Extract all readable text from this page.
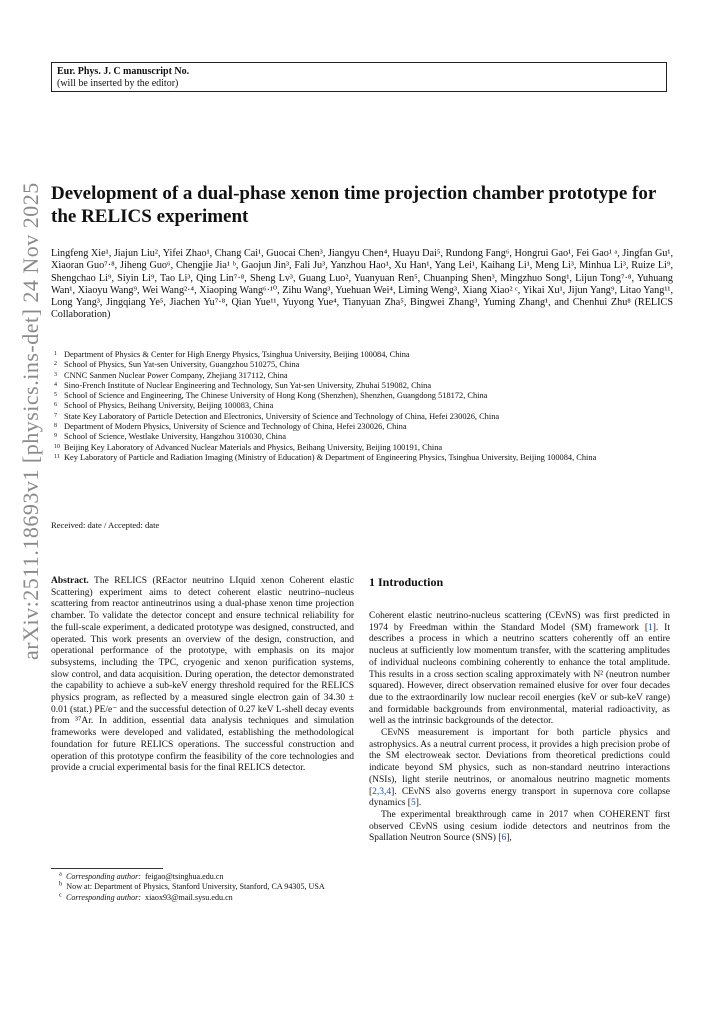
Eur. Phys. J. C manuscript No.
(will be inserted by the editor)
arXiv:2511.18693v1 [physics.ins-det] 24 Nov 2025 Development of a dual-phase xenon time projection chamber prototype for the RELICS experiment
Lingfeng Xie¹, Jiajun Liu², Yifei Zhao¹, Chang Cai¹, Guocai Chen³, Jiangyu Chen⁴, Huayu Dai⁵, Rundong Fang⁶, Hongrui Gao¹, Fei Gao¹ ᵃ, Jingfan Gu¹, Xiaoran Guo⁷·⁸, Jiheng Guo⁶, Chengjie Jia¹ ᵇ, Gaojun Jin³, Fali Ju³, Yanzhou Hao¹, Xu Han¹, Yang Lei¹, Kaihang Li¹, Meng Li³, Minhua Li³, Ruize Li⁹, Shengchao Li⁹, Siyin Li⁹, Tao Li³, Qing Lin⁷·⁸, Sheng Lv³, Guang Luo², Yuanyuan Ren⁵, Chuanping Shen³, Mingzhuo Song¹, Lijun Tong⁷·⁸, Yuhuang Wan¹, Xiaoyu Wang⁹, Wei Wang²·⁴, Xiaoping Wang⁶·¹⁰, Zihu Wang³, Yuehuan Wei⁴, Liming Weng³, Xiang Xiao² ᶜ, Yikai Xu¹, Jijun Yang⁹, Litao Yang¹¹, Long Yang³, Jingqiang Ye⁵, Jiachen Yu⁷·⁸, Qian Yue¹¹, Yuyong Yue⁴, Tianyuan Zha⁵, Bingwei Zhang³, Yuming Zhang¹, and Chenhui Zhu⁸ (RELICS Collaboration)
1 Department of Physics & Center for High Energy Physics, Tsinghua University, Beijing 100084, China
2 School of Physics, Sun Yat-sen University, Guangzhou 510275, China
3 CNNC Sanmen Nuclear Power Company, Zhejiang 317112, China
4 Sino-French Institute of Nuclear Engineering and Technology, Sun Yat-sen University, Zhuhai 519082, China
5 School of Science and Engineering, The Chinese University of Hong Kong (Shenzhen), Shenzhen, Guangdong 518172, China
6 School of Physics, Beihang University, Beijing 100083, China
7 State Key Laboratory of Particle Detection and Electronics, University of Science and Technology of China, Hefei 230026, China
8 Department of Modern Physics, University of Science and Technology of China, Hefei 230026, China
9 School of Science, Westlake University, Hangzhou 310030, China
10 Beijing Key Laboratory of Advanced Nuclear Materials and Physics, Beihang University, Beijing 100191, China
11 Key Laboratory of Particle and Radiation Imaging (Ministry of Education) & Department of Engineering Physics, Tsinghua University, Beijing 100084, China
Received: date / Accepted: date
Abstract. The RELICS (REactor neutrino LIquid xenon Coherent elastic Scattering) experiment aims to detect coherent elastic neutrino–nucleus scattering from reactor antineutrinos using a dual-phase xenon time projection chamber. To validate the detector concept and ensure technical reliability for the full-scale experiment, a dedicated prototype was designed, constructed, and operated. This work presents an overview of the design, construction, and operational performance of the prototype, with emphasis on its major subsystems, including the TPC, cryogenic and xenon purification systems, slow control, and data acquisition. During operation, the detector demonstrated the capability to achieve a sub-keV energy threshold required for the RELICS physics program, as reflected by a measured single electron gain of 34.30 ± 0.01 (stat.) PE/e⁻ and the successful detection of 0.27 keV L-shell decay events from ³⁷Ar. In addition, essential data analysis techniques and simulation frameworks were developed and validated, establishing the methodological foundation for future RELICS operations. The successful construction and operation of this prototype confirm the feasibility of the core technologies and provide a crucial experimental basis for the final RELICS detector.
$^a$ Corresponding author:  feigao@tsinghua.edu.cn
$^b$ Now at: Department of Physics, Stanford University, Stanford, CA 94305, USA
$^c$ Corresponding author:  xiaox93@mail.sysu.edu.cn
1 Introduction

Coherent elastic neutrino-nucleus scattering (CEνNS) was first predicted in 1974 by Freedman within the Standard Model (SM) framework [1]. It describes a process in which a neutrino scatters coherently off an entire nucleus at sufficiently low momentum transfer, with the scattering amplitudes of individual nucleons combining coherently to enhance the total amplitude. This results in a cross section scaling approximately with N² (neutron number squared). However, direct observation remained elusive for over four decades due to the extraordinarily low nuclear recoil energies (keV or sub-keV range) and formidable backgrounds from environmental, material radioactivity, as well as the intrinsic backgrounds of the detector.

CEνNS measurement is important for both particle physics and astrophysics. As a neutral current process, it provides a high precision probe of the SM electroweak sector. Deviations from theoretical predictions could indicate beyond SM physics, such as non-standard neutrino interactions (NSIs), light sterile neutrinos, or anomalous neutrino magnetic moments [2,3,4]. CEνNS also governs energy transport in supernova core collapse dynamics [5].

The experimental breakthrough came in 2017 when COHERENT first observed CEνNS using cesium iodide detectors and neutrinos from the Spallation Neutron Source (SNS) [6],
